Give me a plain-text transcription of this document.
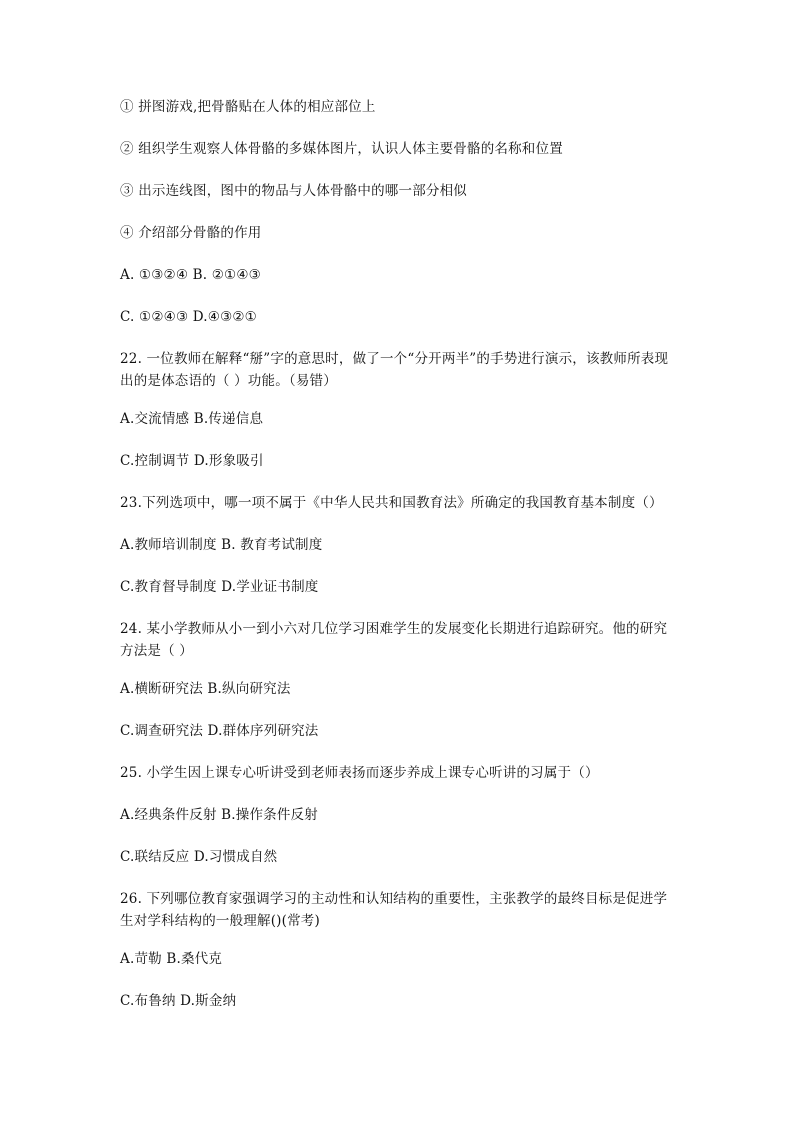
① 拼图游戏,把骨骼贴在人体的相应部位上
② 组织学生观察人体骨骼的多媒体图片，认识人体主要骨骼的名称和位置
③ 出示连线图，图中的物品与人体骨骼中的哪一部分相似
④ 介绍部分骨骼的作用
A. ①③②④ B. ②①④③
C. ①②④③ D.④③②①
22. 一位教师在解释“掰”字的意思时，做了一个“分开两半”的手势进行演示，该教师所表现出的是体态语的（ ）功能。（易错）
A.交流情感 B.传递信息
C.控制调节 D.形象吸引
23.下列选项中，哪一项不属于《中华人民共和国教育法》所确定的我国教育基本制度（）
A.教师培训制度 B. 教育考试制度
C.教育督导制度 D.学业证书制度
24. 某小学教师从小一到小六对几位学习困难学生的发展变化长期进行追踪研究。他的研究方法是（ ）
A.横断研究法 B.纵向研究法
C.调查研究法 D.群体序列研究法
25. 小学生因上课专心听讲受到老师表扬而逐步养成上课专心听讲的习属于（）
A.经典条件反射 B.操作条件反射
C.联结反应 D.习惯成自然
26. 下列哪位教育家强调学习的主动性和认知结构的重要性，主张教学的最终目标是促进学生对学科结构的一般理解()(常考)
A.苛勒 B.桑代克
C.布鲁纳 D.斯金纳
